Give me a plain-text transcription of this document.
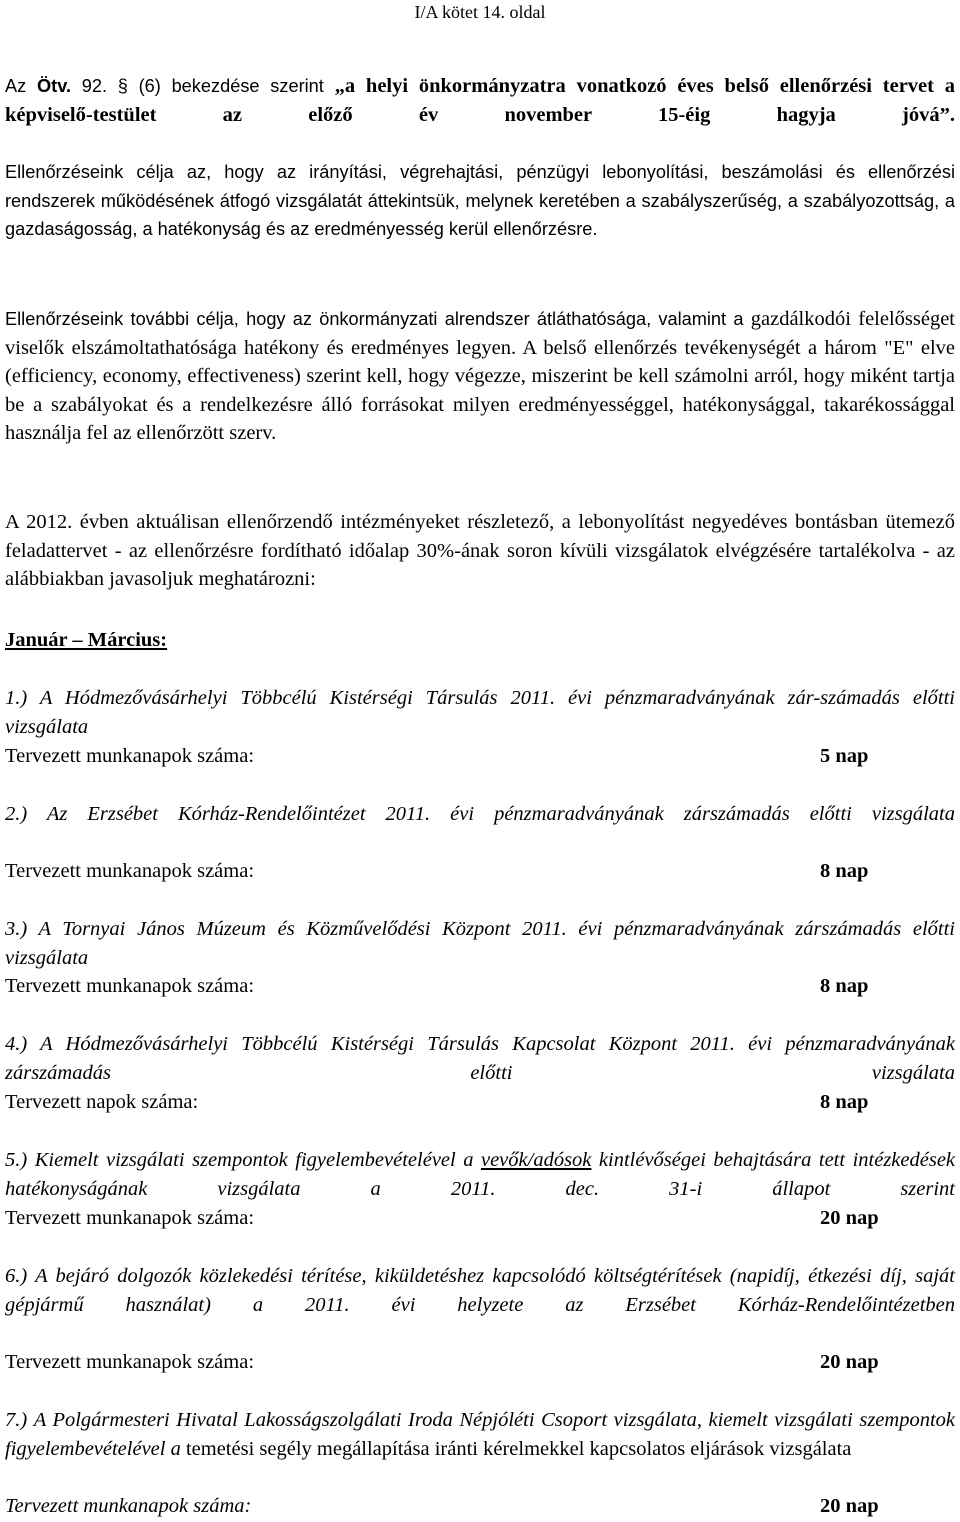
I/A kötet 14. oldal
Az Ötv. 92. § (6) bekezdése szerint „a helyi önkormányzatra vonatkozó éves belső ellenőrzési tervet a képviselő-testület az előző év november 15-éig hagyja jóvá”.
Ellenőrzéseink célja az, hogy az irányítási, végrehajtási, pénzügyi lebonyolítási, beszámolási és ellenőrzési rendszerek működésének átfogó vizsgálatát áttekintsük, melynek keretében a szabályszerűség, a szabályozottság, a gazdaságosság, a hatékonyság és az eredményesség kerül ellenőrzésre.
Ellenőrzéseink további célja, hogy az önkormányzati alrendszer átláthatósága, valamint a gazdálkodói felelősséget viselők elszámoltathatósága hatékony és eredményes legyen. A belső ellenőrzés tevékenységét a három "E" elve (efficiency, economy, effectiveness) szerint kell, hogy végezze, miszerint be kell számolni arról, hogy miként tartja be a szabályokat és a rendelkezésre álló forrásokat milyen eredményességgel, hatékonysággal, takarékossággal használja fel az ellenőrzött szerv.
A 2012. évben aktuálisan ellenőrzendő intézményeket részletező, a lebonyolítást negyedéves bontásban ütemező feladattervet - az ellenőrzésre fordítható időalap 30%-ának soron kívüli vizsgálatok elvégzésére tartalékolva - az alábbiakban javasoljuk meghatározni:
Január – Március:
1.) A Hódmezővásárhelyi Többcélú Kistérségi Társulás 2011. évi pénzmaradványának zár-számadás előtti vizsgálata
Tervezett munkanapok száma:	5 nap
2.) Az Erzsébet Kórház-Rendelőintézet 2011. évi pénzmaradványának zárszámadás előtti vizsgálata
Tervezett munkanapok száma:	8 nap
3.) A Tornyai János Múzeum és Közművelődési Központ 2011. évi pénzmaradványának zárszámadás előtti vizsgálata
Tervezett munkanapok száma:	8 nap
4.) A Hódmezővásárhelyi Többcélú Kistérségi Társulás Kapcsolat Központ 2011. évi pénzmaradványának zárszámadás előtti vizsgálata
Tervezett napok száma:	8 nap
5.) Kiemelt vizsgálati szempontok figyelembevételével a vevők/adósok kintlévőségei behajtására tett intézkedések hatékonyságának vizsgálata a 2011. dec. 31-i állapot szerint
Tervezett munkanapok száma:	20 nap
6.) A bejáró dolgozók közlekedési térítése, kiküldetéshez kapcsolódó költségtérítések (napidíj, étkezési díj, saját gépjármű használat) a 2011. évi helyzete az Erzsébet Kórház-Rendelőintézetben
Tervezett munkanapok száma:	20 nap
7.) A Polgármesteri Hivatal Lakosságszolgálati Iroda Népjóléti Csoport vizsgálata, kiemelt vizsgálati szempontok figyelembevételével a temetési segély megállapítása iránti kérelmekkel kapcsolatos eljárások vizsgálata
Tervezett munkanapok száma:	20 nap
